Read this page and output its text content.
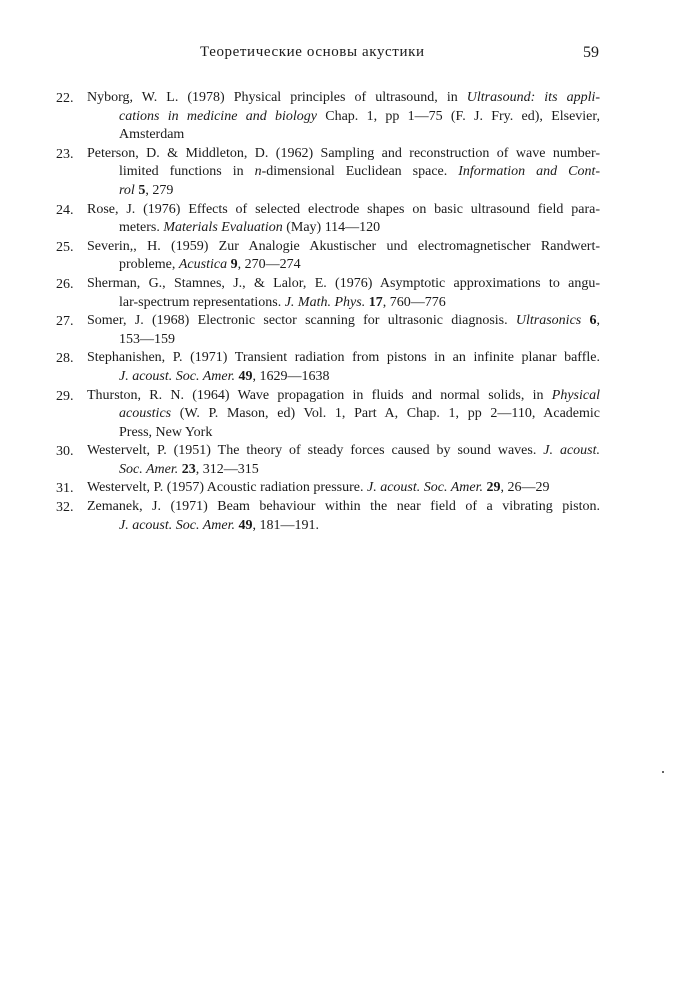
Теоретические основы акустики	59
22. Nyborg, W. L. (1978) Physical principles of ultrasound, in Ultrasound: its appli-
cations in medicine and biology Chap. 1, pp 1—75 (F. J. Fry. ed), Elsevier,
Amsterdam
23. Peterson, D. & Middleton, D. (1962) Sampling and reconstruction of wave number-
limited functions in n-dimensional Euclidean space. Information and Cont-
rol 5, 279
24. Rose, J. (1976) Effects of selected electrode shapes on basic ultrasound field para-
meters. Materials Evaluation (May) 114—120
25. Severin,, H. (1959) Zur Analogie Akustischer und electromagnetischer Randwert-
probleme, Acustica 9, 270—274
26. Sherman, G., Stamnes, J., & Lalor, E. (1976) Asymptotic approximations to angu-
lar-spectrum representations. J. Math. Phys. 17, 760—776
27. Somer, J. (1968) Electronic sector scanning for ultrasonic diagnosis. Ultrasonics 6,
153—159
28. Stephanishen, P. (1971) Transient radiation from pistons in an infinite planar baffle.
J. acoust. Soc. Amer. 49, 1629—1638
29. Thurston, R. N. (1964) Wave propagation in fluids and normal solids, in Physical
acoustics (W. P. Mason, ed) Vol. 1, Part A, Chap. 1, pp 2—110, Academic
Press, New York
30. Westervelt, P. (1951) The theory of steady forces caused by sound waves. J. acoust.
Soc. Amer. 23, 312—315
31. Westervelt, P. (1957) Acoustic radiation pressure. J. acoust. Soc. Amer. 29, 26—29
32. Zemanek, J. (1971) Beam behaviour within the near field of a vibrating piston.
J. acoust. Soc. Amer. 49, 181—191.
